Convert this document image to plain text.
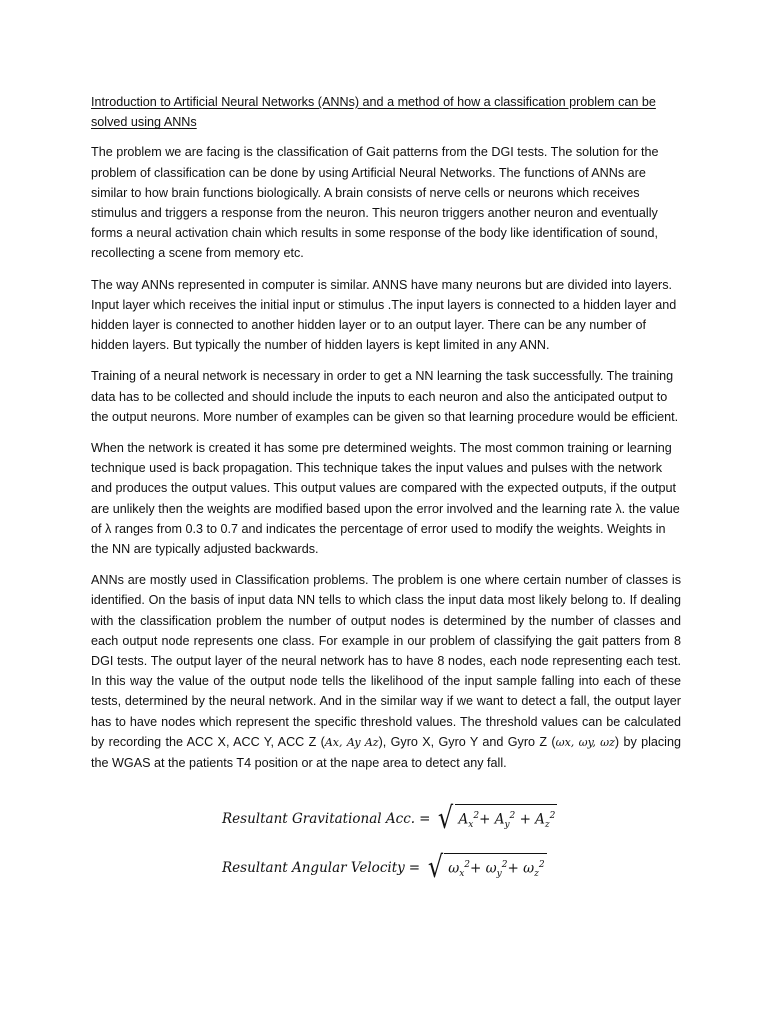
Introduction to Artificial Neural Networks (ANNs) and a method of how a classification problem can be solved using ANNs

The problem we are facing is the classification of Gait patterns from the DGI tests. The solution for the problem of classification can be done by using Artificial Neural Networks. The functions of ANNs are similar to how brain functions biologically. A brain consists of nerve cells or neurons which receives stimulus and triggers a response from the neuron. This neuron triggers another neuron and eventually forms a neural activation chain which results in some response of the body like identification of sound, recollecting a scene from memory etc.

The way ANNs represented in computer is similar. ANNS have many neurons but are divided into layers. Input layer which receives the initial input or stimulus .The input layers is connected to a hidden layer and hidden layer is connected to another hidden layer or to an output layer. There can be any number of hidden layers. But typically the number of hidden layers is kept limited in any ANN.

Training of a neural network is necessary in order to get a NN learning the task successfully. The training data has to be collected and should include the inputs to each neuron and also the anticipated output to the output neurons. More number of examples can be given so that learning procedure would be efficient.

When the network is created it has some pre determined weights. The most common training or learning technique used is back propagation. This technique takes the input values and pulses with the network and produces the output values. This output values are compared with the expected outputs, if the output are unlikely then the weights are modified based upon the error involved and the learning rate λ. the value of λ ranges from 0.3 to 0.7 and indicates the percentage of error used to modify the weights. Weights in the NN are typically adjusted backwards.

ANNs are mostly used in Classification problems. The problem is one where certain number of classes is identified. On the basis of input data NN tells to which class the input data most likely belong to. If dealing with the classification problem the number of output nodes is determined by the number of classes and each output node represents one class. For example in our problem of classifying the gait patters from 8 DGI tests. The output layer of the neural network has to have 8 nodes, each node representing each test. In this way the value of the output node tells the likelihood of the input sample falling into each of these tests, determined by the neural network. And in the similar way if we want to detect a fall, the output layer has to have nodes which represent the specific threshold values. The threshold values can be calculated by recording the ACC X, ACC Y, ACC Z (Ax, Ay Az), Gyro X, Gyro Y and Gyro Z (ωx, ωy, ωz) by placing the WGAS at the patients T4 position or at the nape area to detect any fall.

Resultant Gravitational Acc. = √ $A_x^2+ A_y^2 + A_z^2$
Resultant Angular Velocity = √ $\omega_x^2+ \omega_y^2+ \omega_z^2$
